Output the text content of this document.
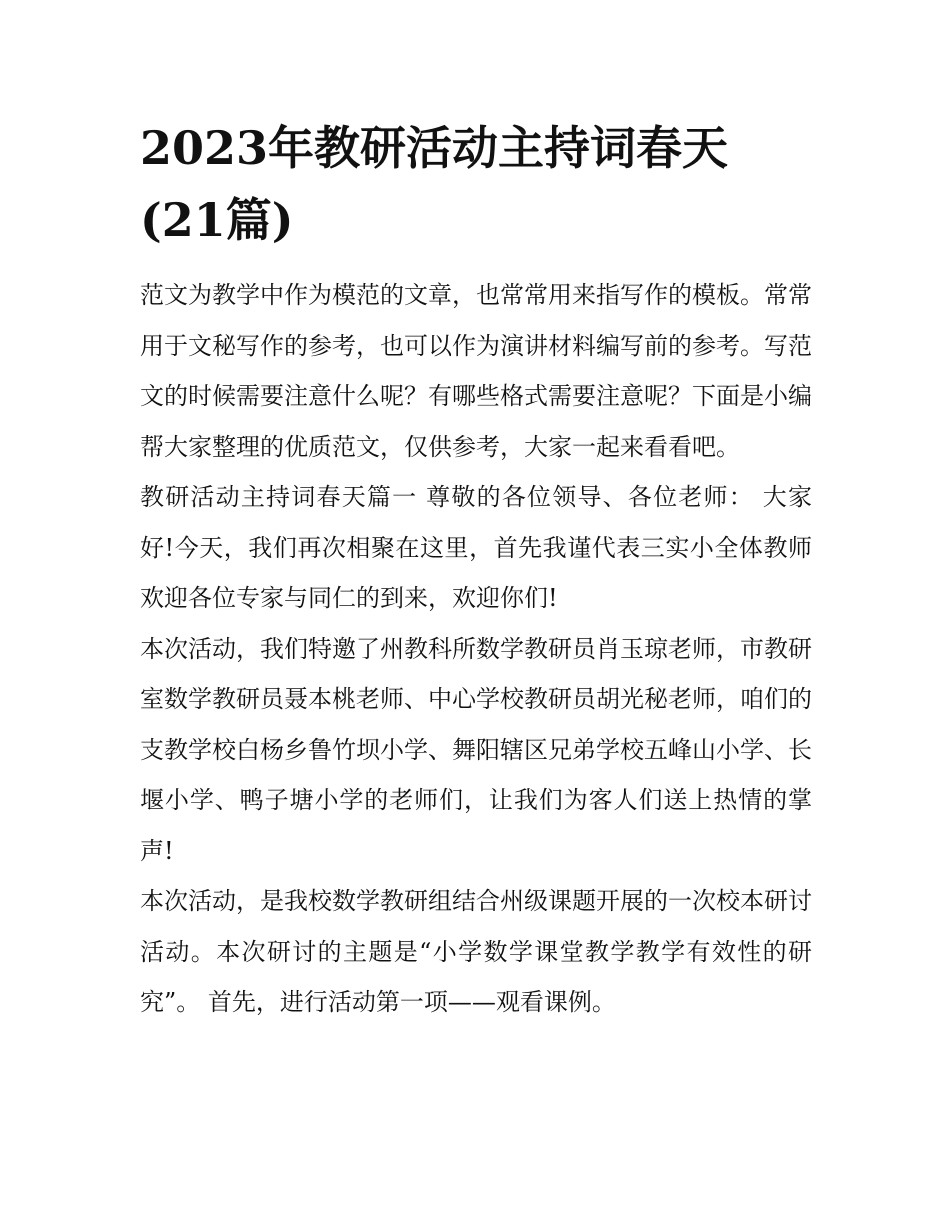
2023年教研活动主持词春天
(21篇)

范文为教学中作为模范的文章，也常常用来指写作的模板。常常用于文秘写作的参考，也可以作为演讲材料编写前的参考。写范文的时候需要注意什么呢？有哪些格式需要注意呢？下面是小编帮大家整理的优质范文，仅供参考，大家一起来看看吧。

教研活动主持词春天篇一 尊敬的各位领导、各位老师： 大家好!今天，我们再次相聚在这里，首先我谨代表三实小全体教师欢迎各位专家与同仁的到来，欢迎你们!

本次活动，我们特邀了州教科所数学教研员肖玉琼老师，市教研室数学教研员聂本桃老师、中心学校教研员胡光秘老师，咱们的支教学校白杨乡鲁竹坝小学、舞阳辖区兄弟学校五峰山小学、长堰小学、鸭子塘小学的老师们，让我们为客人们送上热情的掌声!

本次活动，是我校数学教研组结合州级课题开展的一次校本研讨活动。本次研讨的主题是“小学数学课堂教学教学有效性的研究”。 首先，进行活动第一项——观看课例。
